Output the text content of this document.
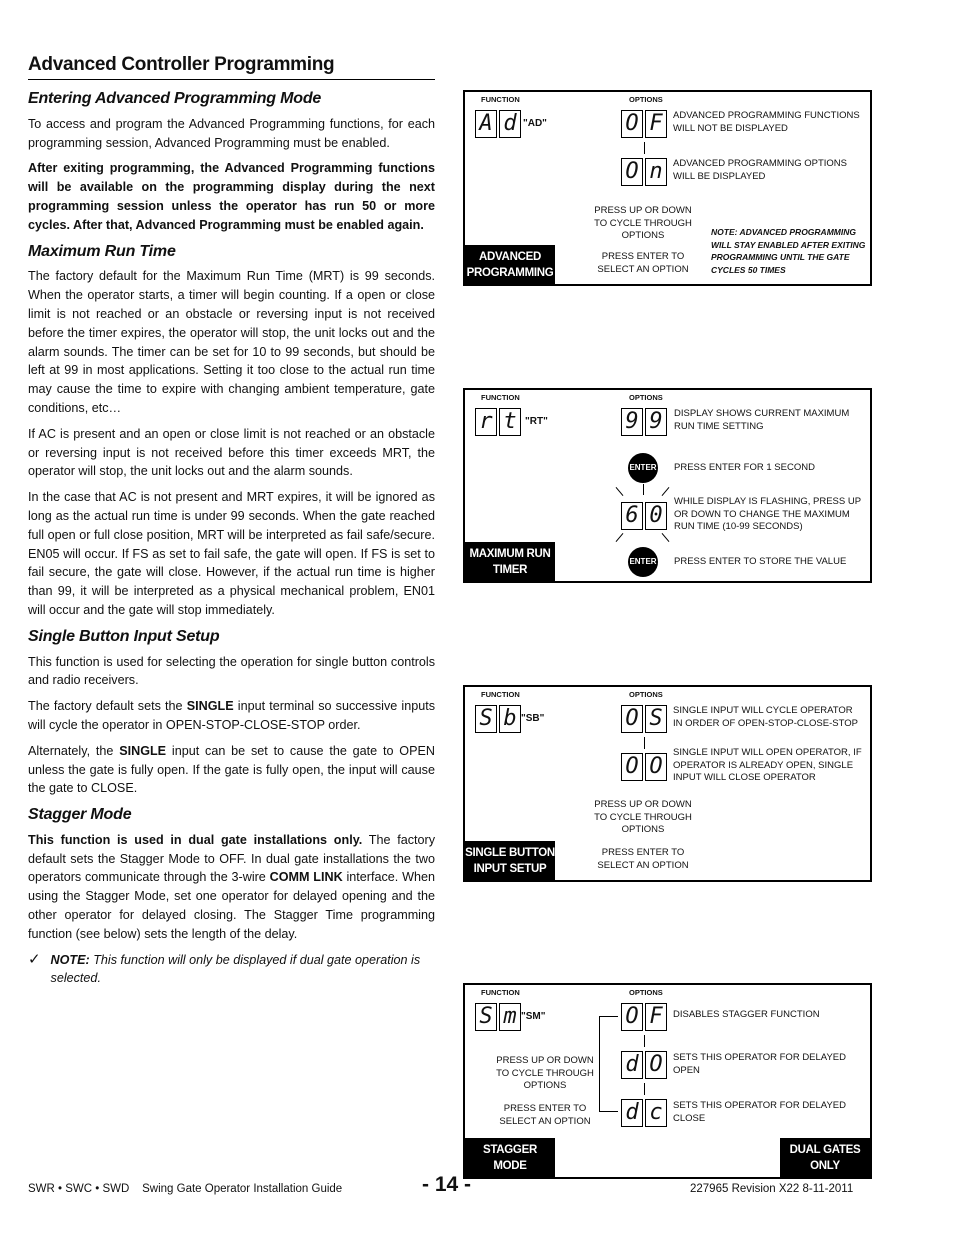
Advanced Controller Programming
Entering Advanced Programming Mode

To access and program the Advanced Programming functions, for each programming session, Advanced Programming must be enabled.

After exiting programming, the Advanced Programming functions will be available on the programming display during the next programming session unless the operator has run 50 or more cycles. After that, Advanced Programming must be enabled again.

Maximum Run Time

The factory default for the Maximum Run Time (MRT) is 99 seconds. When the operator starts, a timer will begin counting. If a open or close limit is not reached or an obstacle or reversing input is not received before the timer expires, the operator will stop, the unit locks out and the alarm sounds. The timer can be set for 10 to 99 seconds, but should be left at 99 in most applications. Setting it too close to the actual run time may cause the time to expire with changing ambient temperature, gate conditions, etc…

If AC is present and an open or close limit is not reached or an obstacle or reversing input is not received before this timer exceeds MRT, the operator will stop, the unit locks out and the alarm sounds.

In the case that AC is not present and MRT expires, it will be ignored as long as the actual run time is under 99 seconds. When the gate reached full open or full close position, MRT will be interpreted as fail safe/secure. EN05 will occur. If FS as set to fail safe, the gate will open. If FS is set to fail secure, the gate will close. However, if the actual run time is higher than 99, it will be interpreted as a physical mechanical problem, EN01 will occur and the gate will stop immediately.

Single Button Input Setup

This function is used for selecting the operation for single button controls and radio receivers.

The factory default sets the SINGLE input terminal so successive inputs will cycle the operator in OPEN-STOP-CLOSE-STOP order.

Alternately, the SINGLE input can be set to cause the gate to OPEN unless the gate is fully open. If the gate is fully open, the input will cause the gate to CLOSE.

Stagger Mode

This function is used in dual gate installations only. The factory default sets the Stagger Mode to OFF. In dual gate installations the two operators communicate through the 3-wire COMM LINK interface. When using the Stagger Mode, set one operator for delayed opening and the other operator for delayed closing. The Stagger Time programming function (see below) sets the length of the delay.

✓ NOTE: This function will only be displayed if dual gate operation is selected.
FUNCTION	OPTIONS
A d "AD"	O F	ADVANCED PROGRAMMING FUNCTIONS WILL NOT BE DISPLAYED
O n	ADVANCED PROGRAMMING OPTIONS WILL BE DISPLAYED
PRESS UP OR DOWN TO CYCLE THROUGH OPTIONS
PRESS ENTER TO SELECT AN OPTION
NOTE: ADVANCED PROGRAMMING WILL STAY ENABLED AFTER EXITING PROGRAMMING UNTIL THE GATE CYCLES 50 TIMES
ADVANCED PROGRAMMING
FUNCTION	OPTIONS
r t "RT"	9 9	DISPLAY SHOWS CURRENT MAXIMUM RUN TIME SETTING
ENTER PRESS ENTER FOR 1 SECOND
6 0
WHILE DISPLAY IS FLASHING, PRESS UP OR DOWN TO CHANGE THE MAXIMUM RUN TIME (10-99 SECONDS)
ENTER PRESS ENTER TO STORE THE VALUE
MAXIMUM RUN TIMER
FUNCTION	OPTIONS
S b "SB"	O S	SINGLE INPUT WILL CYCLE OPERATOR IN ORDER OF OPEN-STOP-CLOSE-STOP
O O
SINGLE INPUT WILL OPEN OPERATOR, IF OPERATOR IS ALREADY OPEN, SINGLE INPUT WILL CLOSE OPERATOR
PRESS UP OR DOWN TO CYCLE THROUGH OPTIONS
PRESS ENTER TO SELECT AN OPTION
SINGLE BUTTON INPUT SETUP
FUNCTION	OPTIONS
S m "SM"	O F	DISABLES STAGGER FUNCTION
d O	SETS THIS OPERATOR FOR DELAYED OPEN
d c	SETS THIS OPERATOR FOR DELAYED CLOSE
PRESS UP OR DOWN TO CYCLE THROUGH OPTIONS
PRESS ENTER TO SELECT AN OPTION
STAGGER MODE
DUAL GATES ONLY
SWR • SWC • SWD    Swing Gate Operator Installation Guide	- 14 -	227965 Revision X22 8-11-2011
